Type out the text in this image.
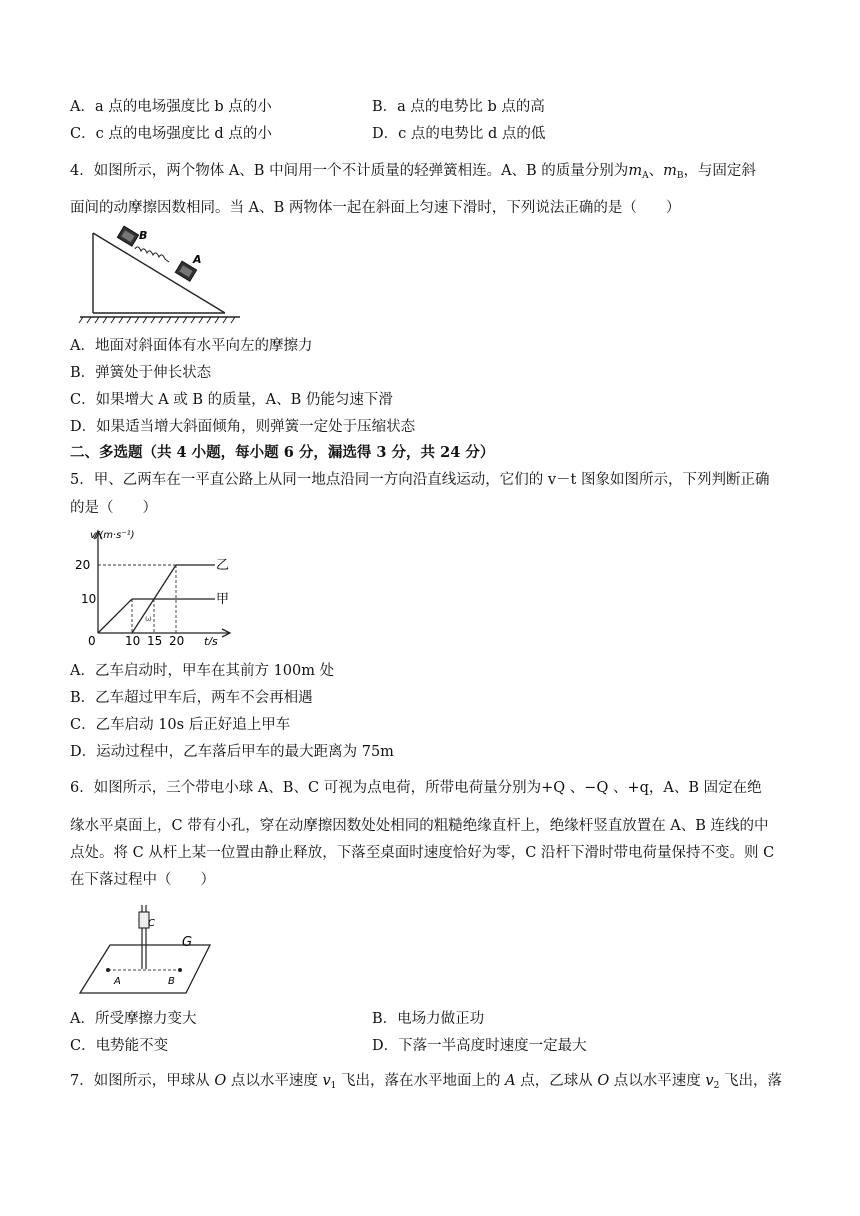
A．a 点的电场强度比 b 点的小	B．a 点的电势比 b 点的高
C．c 点的电场强度比 d 点的小	D．c 点的电势比 d 点的低
4．如图所示，两个物体 A、B 中间用一个不计质量的轻弹簧相连。A、B 的质量分别为$m_A$、$m_B$，与固定斜
面间的动摩擦因数相同。当 A、B 两物体一起在斜面上匀速下滑时，下列说法正确的是（　　）
B
A
A．地面对斜面体有水平向左的摩擦力
B．弹簧处于伸长状态
C．如果增大 A 或 B 的质量，A、B 仍能匀速下滑
D．如果适当增大斜面倾角，则弹簧一定处于压缩状态
二、多选题（共 4 小题，每小题 6 分，漏选得 3 分，共 24 分）
5．甲、乙两车在一平直公路上从同一地点沿同一方向沿直线运动，它们的 v－t 图象如图所示，下列判断正确
的是（　　）
ω
v/(m·s⁻¹)
20
10
0 10 15 20 t/s
乙
甲
A．乙车启动时，甲车在其前方 100m 处
B．乙车超过甲车后，两车不会再相遇
C．乙车启动 10s 后正好追上甲车
D．运动过程中，乙车落后甲车的最大距离为 75m
6．如图所示，三个带电小球 A、B、C 可视为点电荷，所带电荷量分别为+Q 、−Q 、+q，A、B 固定在绝
缘水平桌面上，C 带有小孔，穿在动摩擦因数处处相同的粗糙绝缘直杆上，绝缘杆竖直放置在 A、B 连线的中
点处。将 C 从杆上某一位置由静止释放，下落至桌面时速度恰好为零，C 沿杆下滑时带电荷量保持不变。则 C
在下落过程中（　　）
C
G
A	B
A．所受摩擦力变大	B．电场力做正功
C．电势能不变	D．下落一半高度时速度一定最大
7．如图所示，甲球从 O 点以水平速度 $v_1$ 飞出，落在水平地面上的 A 点，乙球从 O 点以水平速度 $v_2$ 飞出，落
